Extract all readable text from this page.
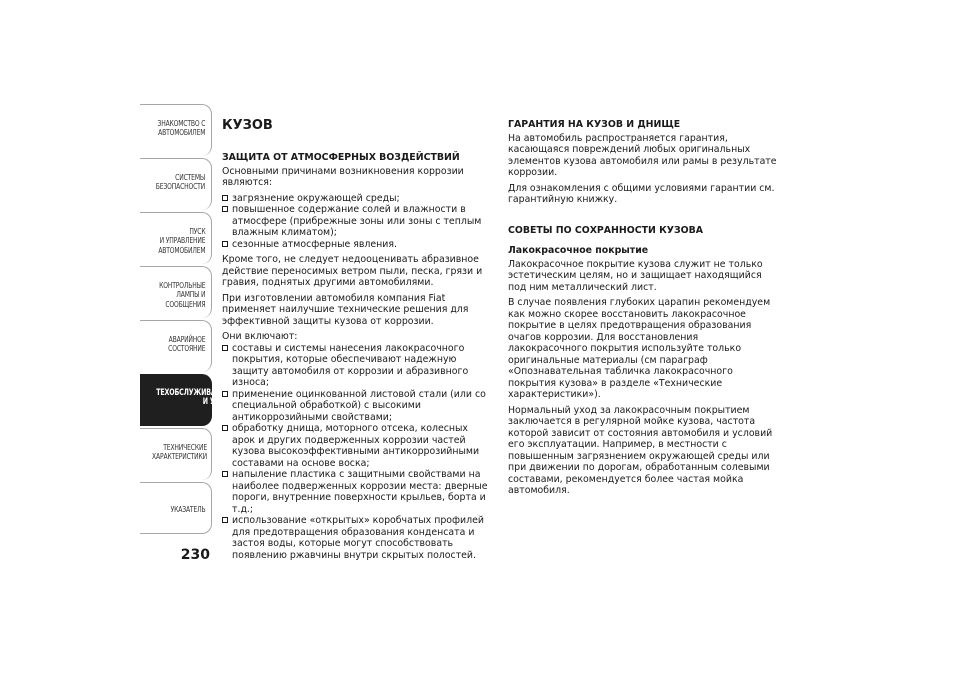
ЗНАКОМСТВО С
АВТОМОБИЛЕМ
СИСТЕМЫ
БЕЗОПАСНОСТИ
ПУСК
И УПРАВЛЕНИЕ
АВТОМОБИЛЕМ
КОНТРОЛЬНЫЕ
ЛАМПЫ И
СООБЩЕНИЯ
АВАРИЙНОЕ
СОСТОЯНИЕ
ТЕХОБСЛУЖИВАНИЕ
И УХОД
ТЕХНИЧЕСКИЕ
ХАРАКТЕРИСТИКИ
УКАЗАТЕЛЬ
230
КУЗОВ
ЗАЩИТА ОТ АТМОСФЕРНЫХ ВОЗДЕЙСТВИЙ
Основными причинами возникновения коррозии являются:
загрязнение окружающей среды;
повышенное содержание солей и влажности в атмосфере (прибрежные зоны или зоны с теплым влажным климатом);
сезонные атмосферные явления.
Кроме того, не следует недооценивать абразивное действие переносимых ветром пыли, песка, грязи и гравия, поднятых другими автомобилями.
При изготовлении автомобиля компания Fiat применяет наилучшие технические решения для эффективной защиты кузова от коррозии.
Они включают:
составы и системы нанесения лакокрасочного покрытия, которые обеспечивают надежную защиту автомобиля от коррозии и абразивного износа;
применение оцинкованной листовой стали (или со специальной обработкой) с высокими антикоррозийными свойствами;
обработку днища, моторного отсека, колесных арок и других подверженных коррозии частей кузова высокоэффективными антикоррозийными составами на основе воска;
напыление пластика с защитными свойствами на наиболее подверженных коррозии места: дверные пороги, внутренние поверхности крыльев, борта и т.д.;
использование «открытых» коробчатых профилей для предотвращения образования конденсата и застоя воды, которые могут способствовать появлению ржавчины внутри скрытых полостей.
ГАРАНТИЯ НА КУЗОВ И ДНИЩЕ
На автомобиль распространяется гарантия, касающаяся повреждений любых оригинальных элементов кузова автомобиля или рамы в результате коррозии.
Для ознакомления с общими условиями гарантии см. гарантийную книжку.
СОВЕТЫ ПО СОХРАННОСТИ КУЗОВА
Лакокрасочное покрытие
Лакокрасочное покрытие кузова служит не только эстетическим целям, но и защищает находящийся под ним металлический лист.
В случае появления глубоких царапин рекомендуем как можно скорее восстановить лакокрасочное покрытие в целях предотвращения образования очагов коррозии. Для восстановления лакокрасочного покрытия используйте только оригинальные материалы (см параграф «Опознавательная табличка лакокрасочного покрытия кузова» в разделе «Технические характеристики»).
Нормальный уход за лакокрасочным покрытием заключается в регулярной мойке кузова, частота которой зависит от состояния автомобиля и условий его эксплуатации. Например, в местности с повышенным загрязнением окружающей среды или при движении по дорогам, обработанным солевыми составами, рекомендуется более частая мойка автомобиля.
